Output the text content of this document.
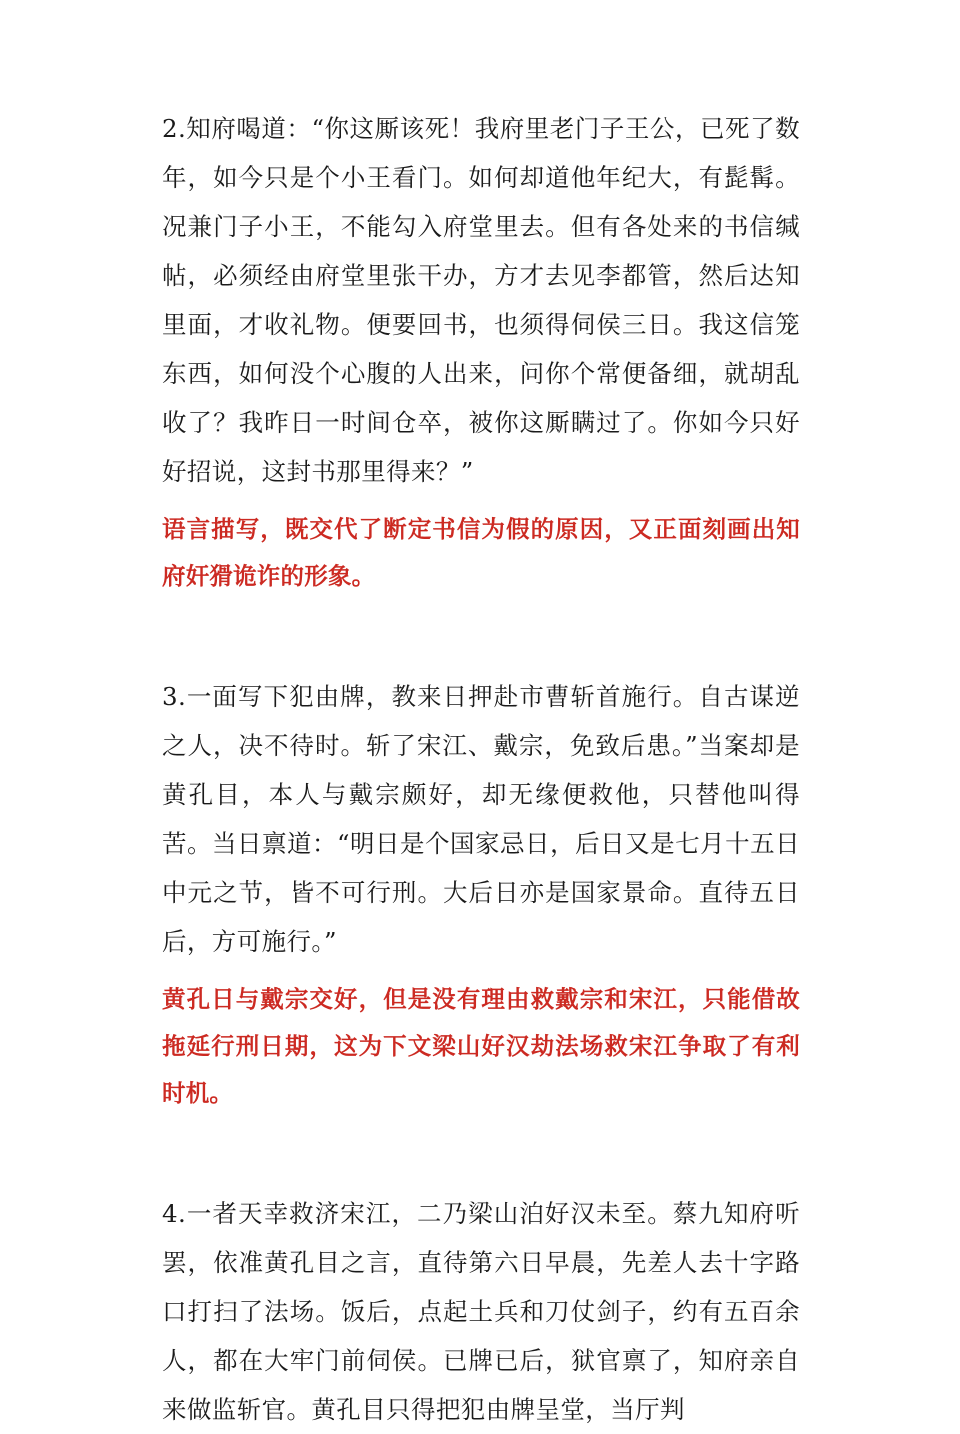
2.知府喝道：“你这厮该死！我府里老门子王公，已死了数年，如今只是个小王看门。如何却道他年纪大，有髭髯。况兼门子小王，不能勾入府堂里去。但有各处来的书信缄帖，必须经由府堂里张干办，方才去见李都管，然后达知里面，才收礼物。便要回书，也须得伺侯三日。我这信笼东西，如何没个心腹的人出来，问你个常便备细，就胡乱收了？我昨日一时间仓卒，被你这厮瞒过了。你如今只好好招说，这封书那里得来？”

语言描写，既交代了断定书信为假的原因，又正面刻画出知府奸猾诡诈的形象。

3.一面写下犯由牌，教来日押赴市曹斩首施行。自古谋逆之人，决不待时。斩了宋江、戴宗，免致后患。”当案却是黄孔目，本人与戴宗颇好，却无缘便救他，只替他叫得苦。当日禀道：“明日是个国家忌日，后日又是七月十五日中元之节，皆不可行刑。大后日亦是国家景命。直待五日后，方可施行。”

黄孔日与戴宗交好，但是没有理由救戴宗和宋江，只能借故拖延行刑日期，这为下文梁山好汉劫法场救宋江争取了有利时机。

4.一者天幸救济宋江，二乃梁山泊好汉未至。蔡九知府听罢，依准黄孔目之言，直待第六日早晨，先差人去十字路口打扫了法场。饭后，点起土兵和刀仗剑子，约有五百余人，都在大牢门前伺侯。已牌已后，狱官禀了，知府亲自来做监斩官。黄孔目只得把犯由牌呈堂，当厅判
